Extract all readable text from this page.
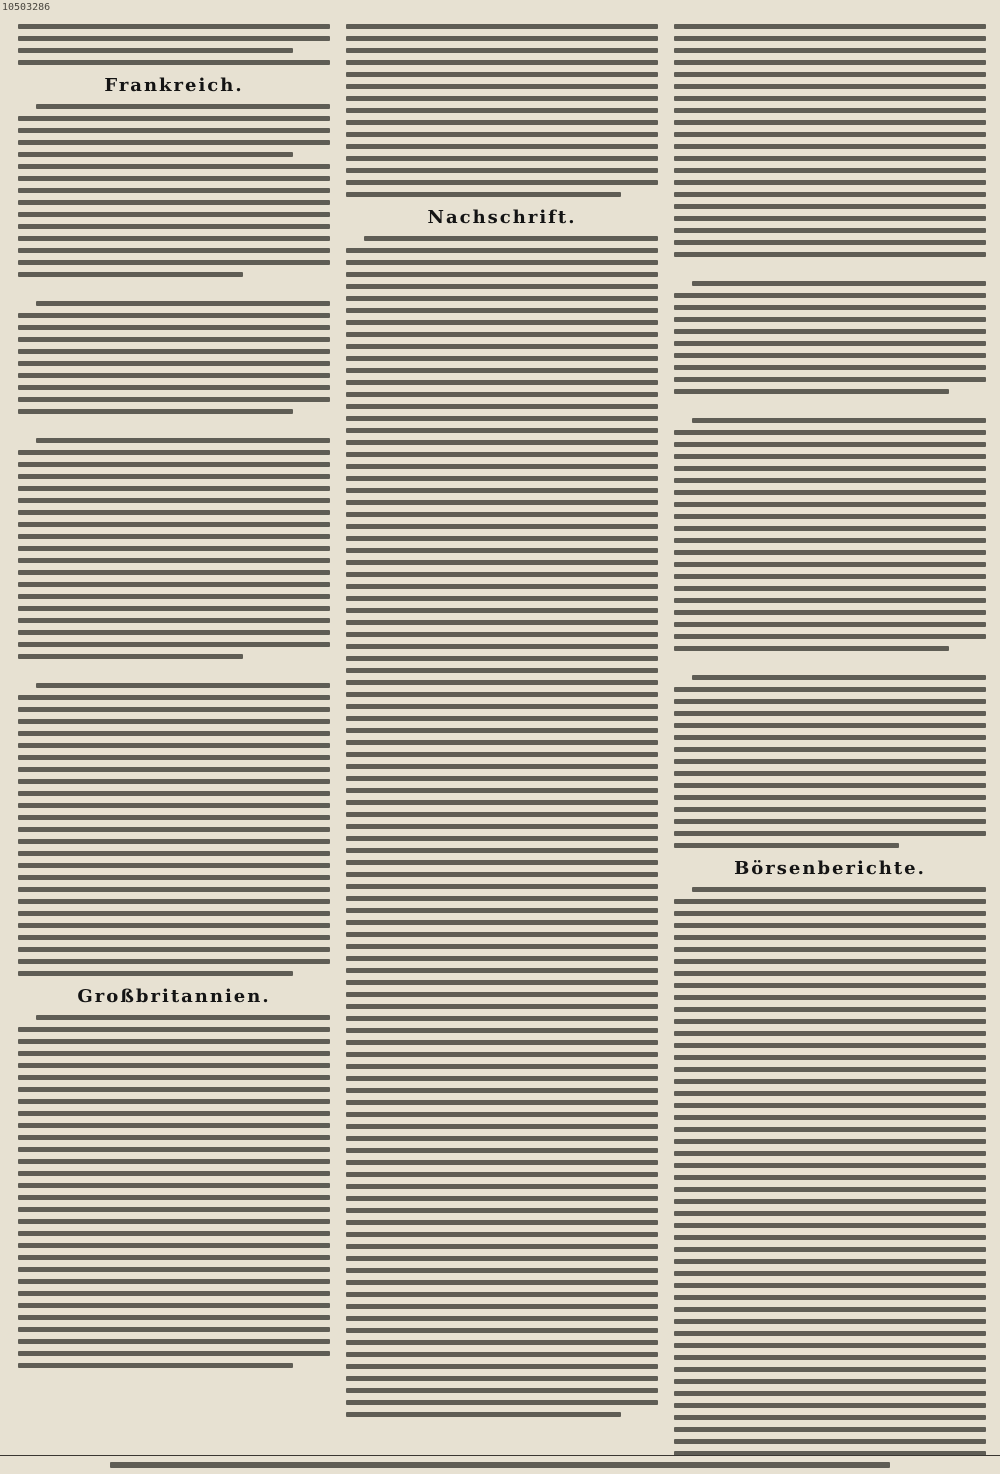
10503286
Frankreich.
Großbritannien.
Nachschrift.
Börsenberichte.
